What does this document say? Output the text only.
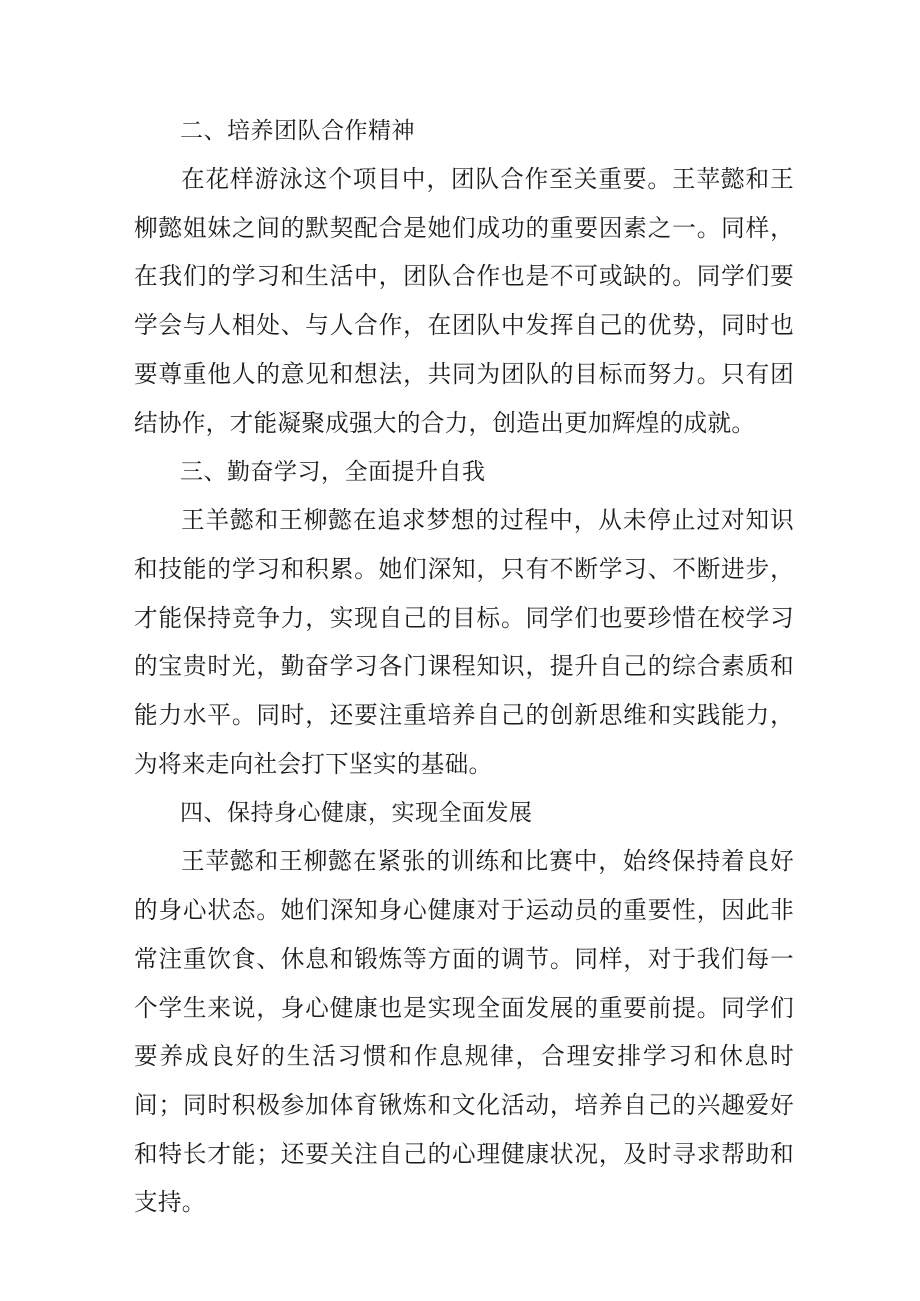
二、培养团队合作精神

在花样游泳这个项目中，团队合作至关重要。王苹懿和王柳懿姐妹之间的默契配合是她们成功的重要因素之一。同样，在我们的学习和生活中，团队合作也是不可或缺的。同学们要学会与人相处、与人合作，在团队中发挥自己的优势，同时也要尊重他人的意见和想法，共同为团队的目标而努力。只有团结协作，才能凝聚成强大的合力，创造出更加辉煌的成就。

三、勤奋学习，全面提升自我

王羊懿和王柳懿在追求梦想的过程中，从未停止过对知识和技能的学习和积累。她们深知，只有不断学习、不断进步，才能保持竞争力，实现自己的目标。同学们也要珍惜在校学习的宝贵时光，勤奋学习各门课程知识，提升自己的综合素质和能力水平。同时，还要注重培养自己的创新思维和实践能力，为将来走向社会打下坚实的基础。

四、保持身心健康，实现全面发展

王苹懿和王柳懿在紧张的训练和比赛中，始终保持着良好的身心状态。她们深知身心健康对于运动员的重要性，因此非常注重饮食、休息和锻炼等方面的调节。同样，对于我们每一个学生来说，身心健康也是实现全面发展的重要前提。同学们要养成良好的生活习惯和作息规律，合理安排学习和休息时间；同时积极参加体育锹炼和文化活动，培养自己的兴趣爱好和特长才能；还要关注自己的心理健康状况，及时寻求帮助和支持。
